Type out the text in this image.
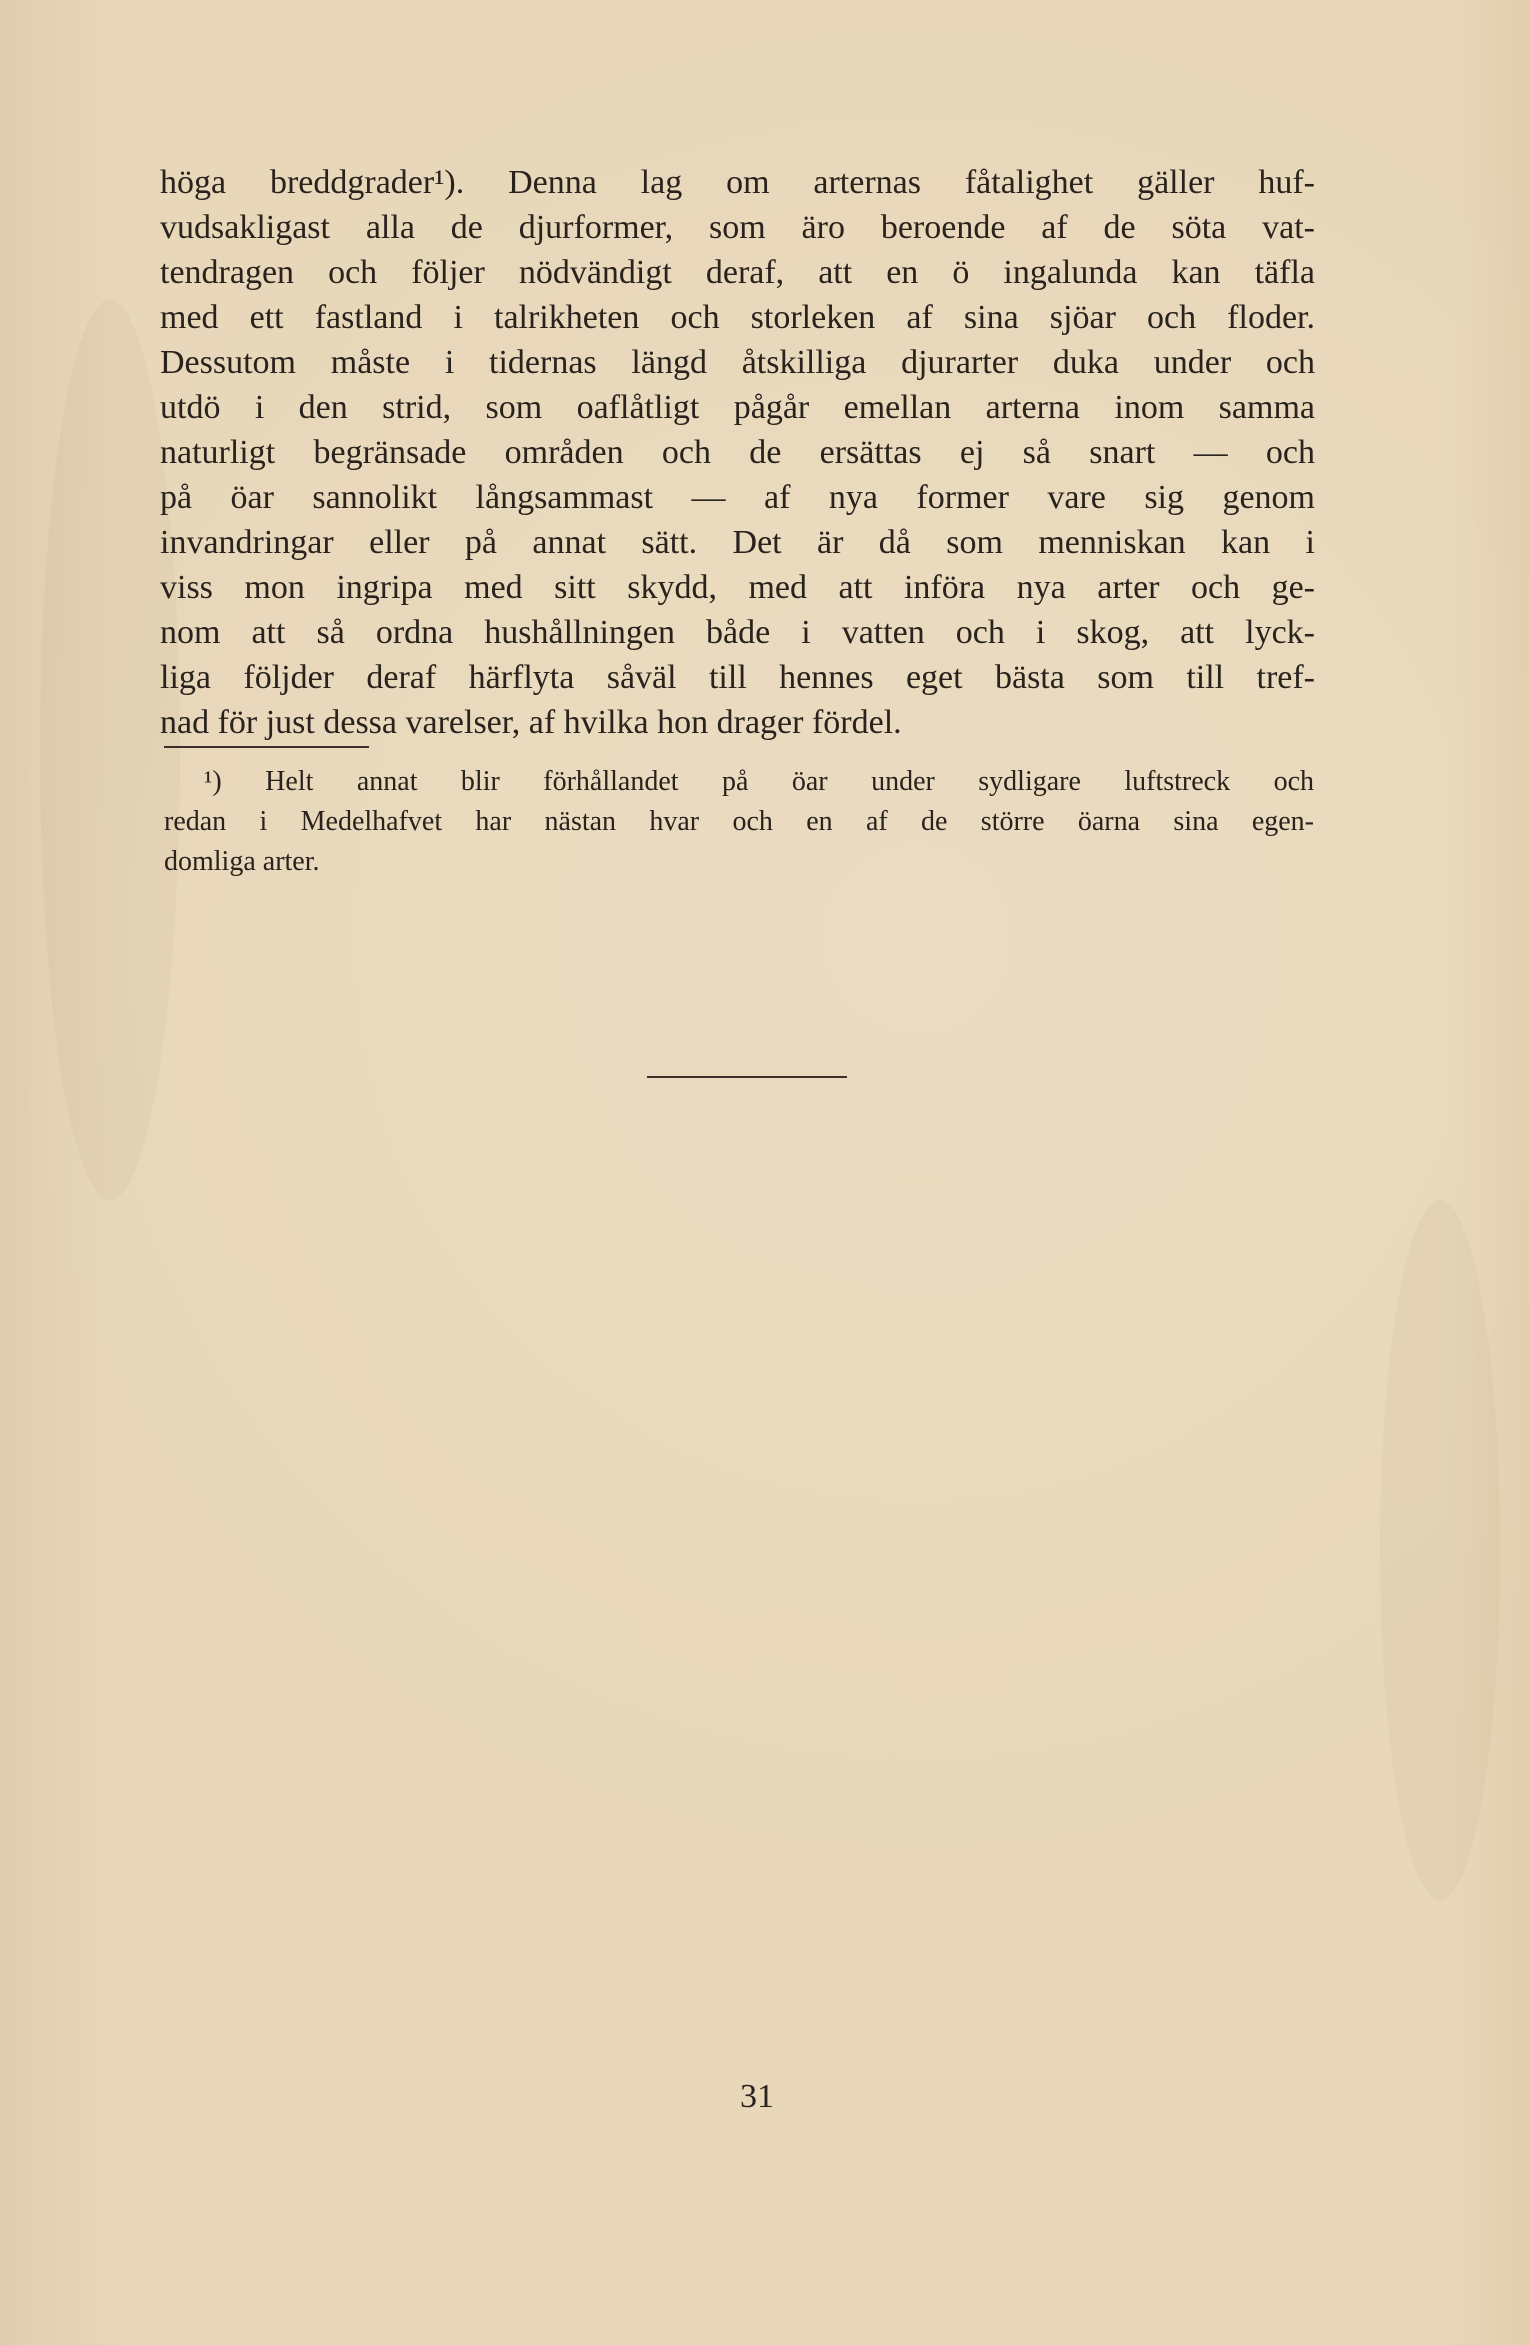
höga breddgrader¹). Denna lag om arternas fåtalighet gäller huf-
vudsakligast alla de djurformer, som äro beroende af de söta vat-
tendragen och följer nödvändigt deraf, att en ö ingalunda kan täfla
med ett fastland i talrikheten och storleken af sina sjöar och floder.
Dessutom måste i tidernas längd åtskilliga djurarter duka under och
utdö i den strid, som oaflåtligt pågår emellan arterna inom samma
naturligt begränsade områden och de ersättas ej så snart — och
på öar sannolikt långsammast — af nya former vare sig genom
invandringar eller på annat sätt. Det är då som menniskan kan i
viss mon ingripa med sitt skydd, med att införa nya arter och ge-
nom att så ordna hushållningen både i vatten och i skog, att lyck-
liga följder deraf härflyta såväl till hennes eget bästa som till tref-
nad för just dessa varelser, af hvilka hon drager fördel.
¹) Helt annat blir förhållandet på öar under sydligare luftstreck och
redan i Medelhafvet har nästan hvar och en af de större öarna sina egen-
domliga arter.
31
